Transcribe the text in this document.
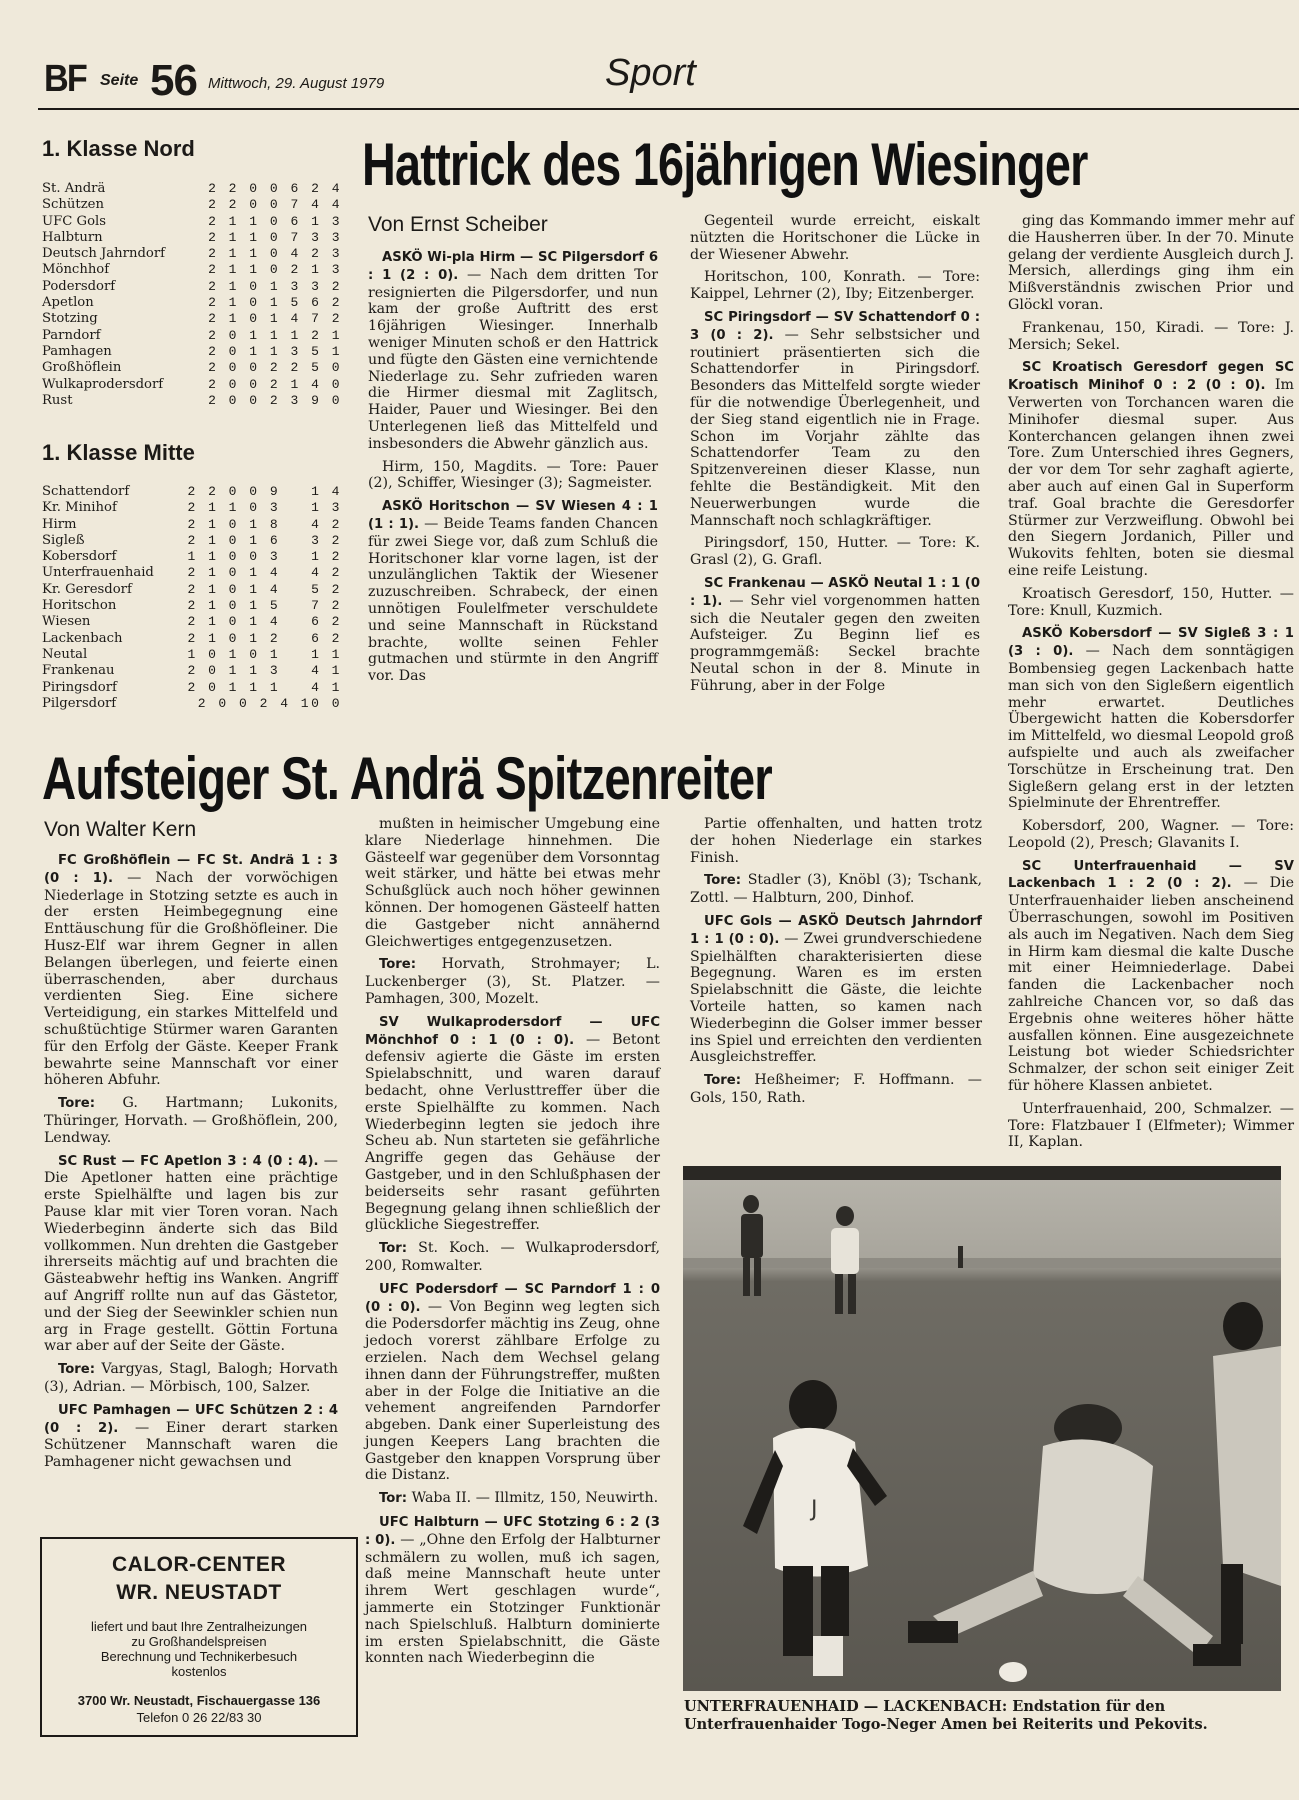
BF Seite 56 Mittwoch, 29. August 1979	Sport
1. Klasse Nord
St. Andrä	2 2 0 0 6 2 4
Schützen	2 2 0 0 7 4 4
UFC Gols	2 1 1 0 6 1 3
Halbturn	2 1 1 0 7 3 3
Deutsch Jahrndorf	2 1 1 0 4 2 3
Mönchhof	2 1 1 0 2 1 3
Podersdorf	2 1 0 1 3 3 2
Apetlon	2 1 0 1 5 6 2
Stotzing	2 1 0 1 4 7 2
Parndorf	2 0 1 1 1 2 1
Pamhagen	2 0 1 1 3 5 1
Großhöflein	2 0 0 2 2 5 0
Wulkaprodersdorf	2 0 0 2 1 4 0
Rust	2 0 0 2 3 9 0
1. Klasse Mitte
Schattendorf	2 2 0 0 9   1 4
Kr. Minihof	2 1 1 0 3   1 3
Hirm	2 1 0 1 8   4 2
Sigleß	2 1 0 1 6   3 2
Kobersdorf	1 1 0 0 3   1 2
Unterfrauenhaid	2 1 0 1 4   4 2
Kr. Geresdorf	2 1 0 1 4   5 2
Horitschon	2 1 0 1 5   7 2
Wiesen	2 1 0 1 4   6 2
Lackenbach	2 1 0 1 2   6 2
Neutal	1 0 1 0 1   1 1
Frankenau	2 0 1 1 3   4 1
Piringsdorf	2 0 1 1 1   4 1
Pilgersdorf	2 0 0 2 4 10 0
Hattrick des 16jährigen Wiesinger
Von Ernst Scheiber

ASKÖ Wi-pla Hirm — SC Pilgersdorf 6 : 1 (2 : 0). — Nach dem dritten Tor resignierten die Pilgersdorfer, und nun kam der große Auftritt des erst 16jährigen Wiesinger. Innerhalb weniger Minuten schoß er den Hattrick und fügte den Gästen eine vernichtende Niederlage zu. Sehr zufrieden waren die Hirmer diesmal mit Zaglitsch, Haider, Pauer und Wiesinger. Bei den Unterlegenen ließ das Mittelfeld und insbesonders die Abwehr gänzlich aus.

Hirm, 150, Magdits. — Tore: Pauer (2), Schiffer, Wiesinger (3); Sagmeister.

ASKÖ Horitschon — SV Wiesen 4 : 1 (1 : 1). — Beide Teams fanden Chancen für zwei Siege vor, daß zum Schluß die Horitschoner klar vorne lagen, ist der unzulänglichen Taktik der Wiesener zuzuschreiben. Schrabeck, der einen unnötigen Foulelfmeter verschuldete und seine Mannschaft in Rückstand brachte, wollte seinen Fehler gutmachen und stürmte in den Angriff vor. Das

Gegenteil wurde erreicht, eiskalt nützten die Horitschoner die Lücke in der Wiesener Abwehr.

Horitschon, 100, Konrath. — Tore: Kaippel, Lehrner (2), Iby; Eitzenberger.

SC Piringsdorf — SV Schattendorf 0 : 3 (0 : 2). — Sehr selbstsicher und routiniert präsentierten sich die Schattendorfer in Piringsdorf. Besonders das Mittelfeld sorgte wieder für die notwendige Überlegenheit, und der Sieg stand eigentlich nie in Frage. Schon im Vorjahr zählte das Schattendorfer Team zu den Spitzenvereinen dieser Klasse, nun fehlte die Beständigkeit. Mit den Neuerwerbungen wurde die Mannschaft noch schlagkräftiger.

Piringsdorf, 150, Hutter. — Tore: K. Grasl (2), G. Grafl.

SC Frankenau — ASKÖ Neutal 1 : 1 (0 : 1). — Sehr viel vorgenommen hatten sich die Neutaler gegen den zweiten Aufsteiger. Zu Beginn lief es programmgemäß: Seckel brachte Neutal schon in der 8. Minute in Führung, aber in der Folge

ging das Kommando immer mehr auf die Hausherren über. In der 70. Minute gelang der verdiente Ausgleich durch J. Mersich, allerdings ging ihm ein Mißverständnis zwischen Prior und Glöckl voran.

Frankenau, 150, Kiradi. — Tore: J. Mersich; Sekel.

SC Kroatisch Geresdorf gegen SC Kroatisch Minihof 0 : 2 (0 : 0). Im Verwerten von Torchancen waren die Minihofer diesmal super. Aus Konterchancen gelangen ihnen zwei Tore. Zum Unterschied ihres Gegners, der vor dem Tor sehr zaghaft agierte, aber auch auf einen Gal in Superform traf. Goal brachte die Geresdorfer Stürmer zur Verzweiflung. Obwohl bei den Siegern Jordanich, Piller und Wukovits fehlten, boten sie diesmal eine reife Leistung.

Kroatisch Geresdorf, 150, Hutter. — Tore: Knull, Kuzmich.

ASKÖ Kobersdorf — SV Sigleß 3 : 1 (3 : 0). — Nach dem sonntägigen Bombensieg gegen Lackenbach hatte man sich von den Siglеßern eigentlich mehr erwartet. Deutliches Übergewicht hatten die Kobersdorfer im Mittelfeld, wo diesmal Leopold groß aufspielte und auch als zweifacher Torschütze in Erscheinung trat. Den Sigleßern gelang erst in der letzten Spielminute der Ehrentreffer.

Kobersdorf, 200, Wagner. — Tore: Leopold (2), Presch; Glavanits I.

SC Unterfrauenhaid — SV Lackenbach 1 : 2 (0 : 2). — Die Unterfrauenhaider lieben anscheinend Überraschungen, sowohl im Positiven als auch im Negativen. Nach dem Sieg in Hirm kam diesmal die kalte Dusche mit einer Heimniederlage. Dabei fanden die Lackenbacher noch zahlreiche Chancen vor, so daß das Ergebnis ohne weiteres höher hätte ausfallen können. Eine ausgezeichnete Leistung bot wieder Schiedsrichter Schmalzer, der schon seit einiger Zeit für höhere Klassen anbietet.

Unterfrauenhaid, 200, Schmalzer. — Tore: Flatzbauer I (Elfmeter); Wimmer II, Kaplan.

Aufsteiger St. Andrä Spitzenreiter
Von Walter Kern

FC Großhöflein — FC St. Andrä 1 : 3 (0 : 1). — Nach der vorwöchigen Niederlage in Stotzing setzte es auch in der ersten Heimbegegnung eine Enttäuschung für die Großhöfleiner. Die Husz-Elf war ihrem Gegner in allen Belangen überlegen, und feierte einen überraschenden, aber durchaus verdienten Sieg. Eine sichere Verteidigung, ein starkes Mittelfeld und schußtüchtige Stürmer waren Garanten für den Erfolg der Gäste. Keeper Frank bewahrte seine Mannschaft vor einer höheren Abfuhr.

Tore: G. Hartmann; Lukonits, Thüringer, Horvath. — Großhöflein, 200, Lendway.

SC Rust — FC Apetlon 3 : 4 (0 : 4). — Die Apetloner hatten eine prächtige erste Spielhälfte und lagen bis zur Pause klar mit vier Toren voran. Nach Wiederbeginn änderte sich das Bild vollkommen. Nun drehten die Gastgeber ihrerseits mächtig auf und brachten die Gästeabwehr heftig ins Wanken. Angriff auf Angriff rollte nun auf das Gästetor, und der Sieg der Seewinkler schien nun arg in Frage gestellt. Göttin Fortuna war aber auf der Seite der Gäste.

Tore: Vargyas, Stagl, Balogh; Horvath (3), Adrian. — Mörbisch, 100, Salzer.

UFC Pamhagen — UFC Schützen 2 : 4 (0 : 2). — Einer derart starken Schützener Mannschaft waren die Pamhagener nicht gewachsen und

mußten in heimischer Umgebung eine klare Niederlage hinnehmen. Die Gästeelf war gegenüber dem Vorsonntag weit stärker, und hätte bei etwas mehr Schußglück auch noch höher gewinnen können. Der homogenen Gästeelf hatten die Gastgeber nicht annähernd Gleichwertiges entgegenzusetzen.

Tore: Horvath, Strohmayer; L. Luckenberger (3), St. Platzer. — Pamhagen, 300, Mozelt.

SV Wulkaprodersdorf — UFC Mönchhof 0 : 1 (0 : 0). — Betont defensiv agierte die Gäste im ersten Spielabschnitt, und waren darauf bedacht, ohne Verlusttreffer über die erste Spielhälfte zu kommen. Nach Wiederbeginn legten sie jedoch ihre Scheu ab. Nun starteten sie gefährliche Angriffe gegen das Gehäuse der Gastgeber, und in den Schlußphasen der beiderseits sehr rasant geführten Begegnung gelang ihnen schließlich der glückliche Siegestreffer.

Tor: St. Koch. — Wulkaprodersdorf, 200, Romwalter.

UFC Podersdorf — SC Parndorf 1 : 0 (0 : 0). — Von Beginn weg legten sich die Podersdorfer mächtig ins Zeug, ohne jedoch vorerst zählbare Erfolge zu erzielen. Nach dem Wechsel gelang ihnen dann der Führungstreffer, mußten aber in der Folge die Initiative an die vehement angreifenden Parndorfer abgeben. Dank einer Superleistung des jungen Keepers Lang brachten die Gastgeber den knappen Vorsprung über die Distanz.

Tor: Waba II. — Illmitz, 150, Neuwirth.

UFC Halbturn — UFC Stotzing 6 : 2 (3 : 0). — „Ohne den Erfolg der Halbturner schmälern zu wollen, muß ich sagen, daß meine Mannschaft heute unter ihrem Wert geschlagen wurde“, jammerte ein Stotzinger Funktionär nach Spielschluß. Halbturn dominierte im ersten Spielabschnitt, die Gäste konnten nach Wiederbeginn die

Partie offenhalten, und hatten trotz der hohen Niederlage ein starkes Finish.

Tore: Stadler (3), Knöbl (3); Tschank, Zottl. — Halbturn, 200, Dinhof.

UFC Gols — ASKÖ Deutsch Jahrndorf 1 : 1 (0 : 0). — Zwei grundverschiedene Spielhälften charakterisierten diese Begegnung. Waren es im ersten Spielabschnitt die Gäste, die leichte Vorteile hatten, so kamen nach Wiederbeginn die Golser immer besser ins Spiel und erreichten den verdienten Ausgleichstreffer.

Tore: Heßheimer; F. Hoffmann. — Gols, 150, Rath.

CALOR-CENTER
WR. NEUSTADT
liefert und baut Ihre Zentralheizungen
zu Großhandelspreisen
Berechnung und Technikerbesuch
kostenlos
3700 Wr. Neustadt, Fischauergasse 136
Telefon 0 26 22/83 30
J
UNTERFRAUENHAID — LACKENBACH: Endstation für den Unterfrauenhaider Togo-Neger Amen bei Reiterits und Pekovits.
